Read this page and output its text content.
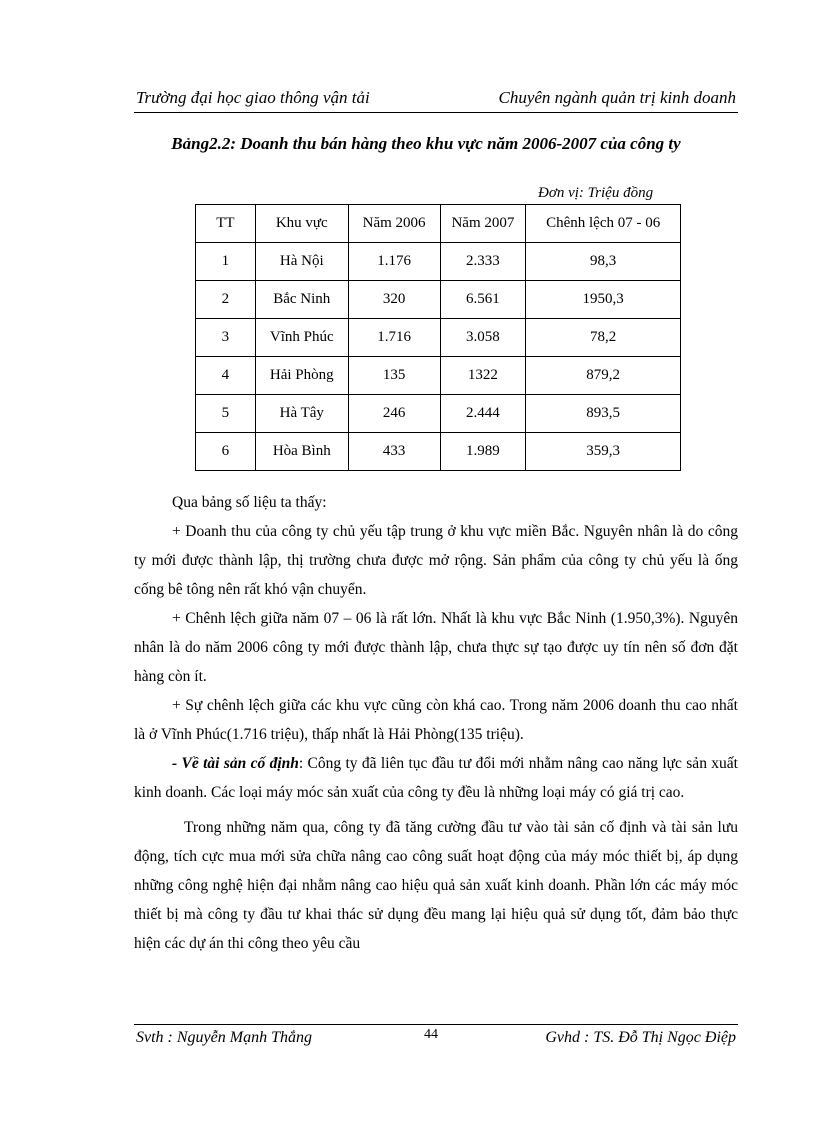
Trường đại học giao thông vận tải	Chuyên ngành quản trị kinh doanh
Bảng2.2: Doanh thu bán hàng theo khu vực năm 2006-2007 của công ty
Đơn vị: Triệu đồng
TT	Khu vực	Năm 2006	Năm 2007	Chênh lệch 07 - 06
1	Hà Nội	1.176	2.333	98,3
2	Bắc Ninh	320	6.561	1950,3
3	Vĩnh Phúc	1.716	3.058	78,2
4	Hải Phòng	135	1322	879,2
5	Hà Tây	246	2.444	893,5
6	Hòa Bình	433	1.989	359,3

Qua bảng số liệu ta thấy:

+ Doanh thu của công ty chủ yếu tập trung ở khu vực miền Bắc. Nguyên nhân là do công ty mới được thành lập, thị trường chưa được mở rộng. Sản phẩm của công ty chủ yếu là ống cống bê tông nên rất khó vận chuyển.

+ Chênh lệch giữa năm 07 – 06 là rất lớn. Nhất là khu vực Bắc Ninh (1.950,3%). Nguyên nhân là do năm 2006 công ty mới được thành lập, chưa thực sự tạo được uy tín nên số đơn đặt hàng còn ít.

+ Sự chênh lệch giữa các khu vực cũng còn khá cao. Trong năm 2006 doanh thu cao nhất là ở Vĩnh Phúc(1.716 triệu), thấp nhất là Hải Phòng(135 triệu).

- Về tài sản cố định: Công ty đã liên tục đầu tư đổi mới nhằm nâng cao năng lực sản xuất kinh doanh. Các loại máy móc sản xuất của công ty đều là những loại máy có giá trị cao.

Trong những năm qua, công ty đã tăng cường đầu tư vào tài sản cố định và tài sản lưu động, tích cực mua mới sửa chữa nâng cao công suất hoạt động của máy móc thiết bị, áp dụng những công nghệ hiện đại nhằm nâng cao hiệu quả sản xuất kinh doanh. Phần lớn các máy móc thiết bị mà công ty đầu tư khai thác sử dụng đều mang lại hiệu quả sử dụng tốt, đảm bảo thực hiện các dự án thi công theo yêu cầu

Svth : Nguyễn Mạnh Thắng	44	Gvhd : TS. Đỗ Thị Ngọc Điệp
